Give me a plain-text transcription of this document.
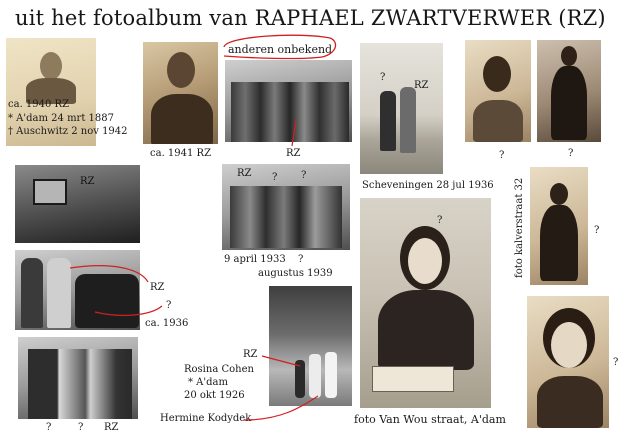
uit het fotoalbum van RAPHAEL ZWARTVERWER (RZ)
ca. 1940 RZ
* A'dam 24 mrt 1887
† Auschwitz 2 nov 1942
ca. 1941 RZ
anderen onbekend
RZ
?
RZ
Scheveningen 28 jul 1936
?	?
RZ
RZ ? ?
9 april 1933 ?
augustus 1939
?
foto Van Wou straat, A'dam
?
foto kalverstraat 32
RZ
?
ca. 1936
RZ
Rosina Cohen
* A'dam
20 okt 1926
Hermine Kodydek
?	? RZ
?
